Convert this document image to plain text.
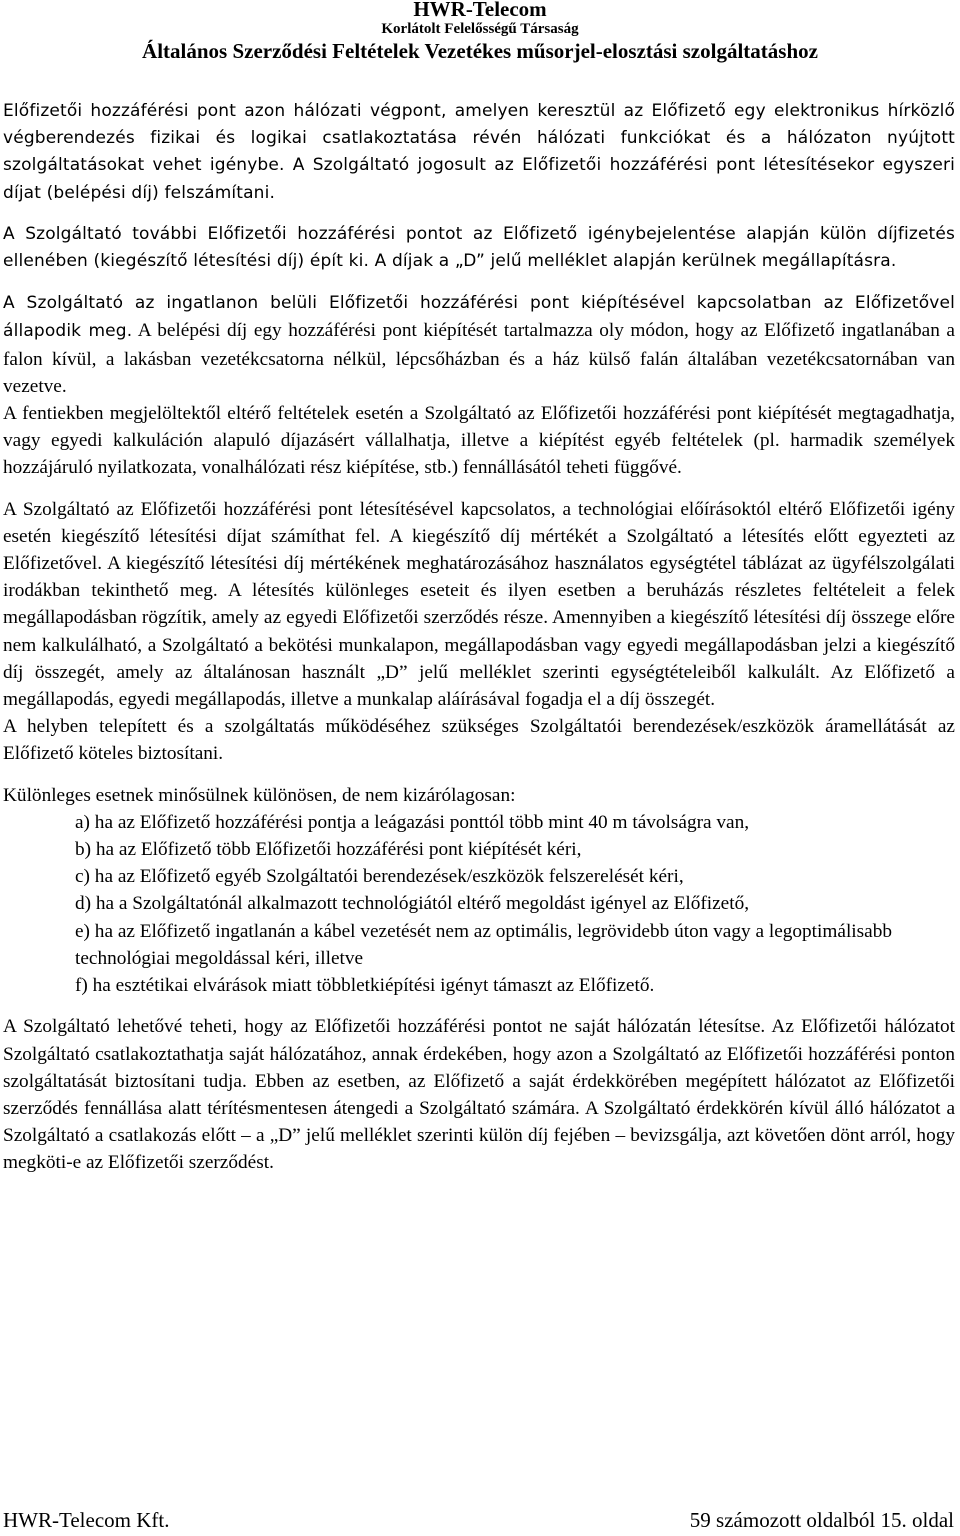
HWR-Telecom
Korlátolt Felelősségű Társaság
Általános Szerződési Feltételek Vezetékes műsorjel-elosztási szolgáltatáshoz

Előfizetői hozzáférési pont azon hálózati végpont, amelyen keresztül az Előfizető egy elektronikus hírközlő végberendezés fizikai és logikai csatlakoztatása révén hálózati funkciókat és a hálózaton nyújtott szolgáltatásokat vehet igénybe. A Szolgáltató jogosult az Előfizetői hozzáférési pont létesítésekor egyszeri díjat (belépési díj) felszámítani.

A Szolgáltató további Előfizetői hozzáférési pontot az Előfizető igénybejelentése alapján külön díjfizetés ellenében (kiegészítő létesítési díj) épít ki. A díjak a „D” jelű melléklet alapján kerülnek megállapításra.

A Szolgáltató az ingatlanon belüli Előfizetői hozzáférési pont kiépítésével kapcsolatban az Előfizetővel állapodik meg. A belépési díj egy hozzáférési pont kiépítését tartalmazza oly módon, hogy az Előfizető ingatlanában a falon kívül, a lakásban vezetékcsatorna nélkül, lépcsőházban és a ház külső falán általában vezetékcsatornában van vezetve.

A fentiekben megjelöltektől eltérő feltételek esetén a Szolgáltató az Előfizetői hozzáférési pont kiépítését megtagadhatja, vagy egyedi kalkuláción alapuló díjazásért vállalhatja, illetve a kiépítést egyéb feltételek (pl. harmadik személyek hozzájáruló nyilatkozata, vonalhálózati rész kiépítése, stb.) fennállásától teheti függővé.

A Szolgáltató az Előfizetői hozzáférési pont létesítésével kapcsolatos, a technológiai előírásoktól eltérő Előfizetői igény esetén kiegészítő létesítési díjat számíthat fel. A kiegészítő díj mértékét a Szolgáltató a létesítés előtt egyezteti az Előfizetővel. A kiegészítő létesítési díj mértékének meghatározásához használatos egységtétel táblázat az ügyfélszolgálati irodákban tekinthető meg. A létesítés különleges eseteit és ilyen esetben a beruházás részletes feltételeit a felek megállapodásban rögzítik, amely az egyedi Előfizetői szerződés része. Amennyiben a kiegészítő létesítési díj összege előre nem kalkulálható, a Szolgáltató a bekötési munkalapon, megállapodásban vagy egyedi megállapodásban jelzi a kiegészítő díj összegét, amely az általánosan használt „D” jelű melléklet szerinti egységtételeiből kalkulált. Az Előfizető a megállapodás, egyedi megállapodás, illetve a munkalap aláírásával fogadja el a díj összegét.

A helyben telepített és a szolgáltatás működéséhez szükséges Szolgáltatói berendezések/eszközök áramellátását az Előfizető köteles biztosítani.

Különleges esetnek minősülnek különösen, de nem kizárólagosan:

a) ha az Előfizető hozzáférési pontja a leágazási ponttól több mint 40 m távolságra van,
b) ha az Előfizető több Előfizetői hozzáférési pont kiépítését kéri,
c) ha az Előfizető egyéb Szolgáltatói berendezések/eszközök felszerelését kéri,
d) ha a Szolgáltatónál alkalmazott technológiától eltérő megoldást igényel az Előfizető,
e) ha az Előfizető ingatlanán a kábel vezetését nem az optimális, legrövidebb úton vagy a legoptimálisabb technológiai megoldással kéri, illetve
f) ha esztétikai elvárások miatt többletkiépítési igényt támaszt az Előfizető.

A Szolgáltató lehetővé teheti, hogy az Előfizetői hozzáférési pontot ne saját hálózatán létesítse. Az Előfizetői hálózatot Szolgáltató csatlakoztathatja saját hálózatához, annak érdekében, hogy azon a Szolgáltató az Előfizetői hozzáférési ponton szolgáltatását biztosítani tudja. Ebben az esetben, az Előfizető a saját érdekkörében megépített hálózatot az Előfizetői szerződés fennállása alatt térítésmentesen átengedi a Szolgáltató számára. A Szolgáltató érdekkörén kívül álló hálózatot a Szolgáltató a csatlakozás előtt – a „D” jelű melléklet szerinti külön díj fejében – bevizsgálja, azt követően dönt arról, hogy megköti-e az Előfizetői szerződést.

HWR-Telecom Kft.	59 számozott oldalból 15. oldal
